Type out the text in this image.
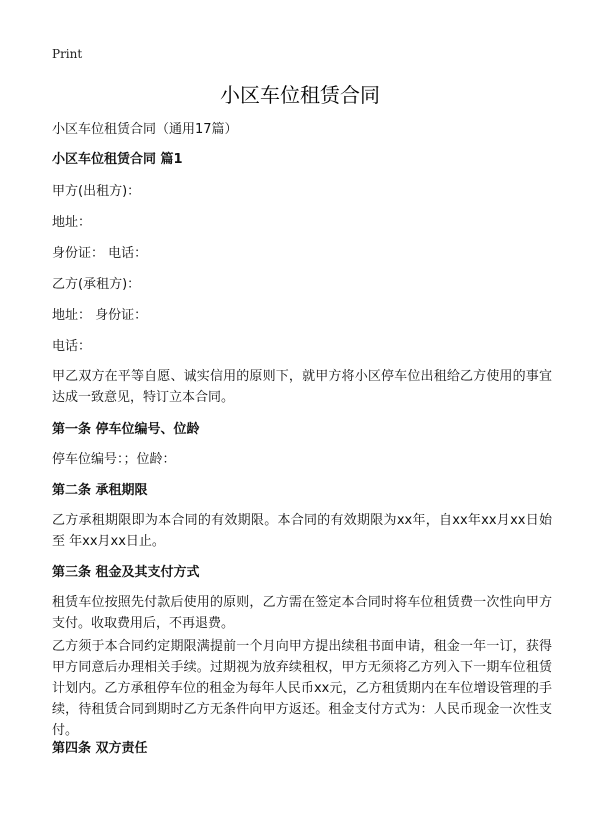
Print
小区车位租赁合同

小区车位租赁合同（通用17篇）

小区车位租赁合同 篇1

甲方(出租方)：

地址：

身份证： 电话：

乙方(承租方)：

地址： 身份证：

电话：

甲乙双方在平等自愿、诚实信用的原则下，就甲方将小区停车位出租给乙方使用的事宜达成一致意见，特订立本合同。

第一条 停车位编号、位龄

停车位编号：；位龄：

第二条 承租期限

乙方承租期限即为本合同的有效期限。本合同的有效期限为xx年，自xx年xx月xx日始至 年xx月xx日止。

第三条 租金及其支付方式

租赁车位按照先付款后使用的原则，乙方需在签定本合同时将车位租赁费一次性向甲方支付。收取费用后，不再退费。

乙方须于本合同约定期限满提前一个月向甲方提出续租书面申请，租金一年一订，获得甲方同意后办理相关手续。过期视为放弃续租权，甲方无须将乙方列入下一期车位租赁计划内。乙方承租停车位的租金为每年人民币xx元，乙方租赁期内在车位增设管理的手续，待租赁合同到期时乙方无条件向甲方返还。租金支付方式为：人民币现金一次性支付。

第四条 双方责任
